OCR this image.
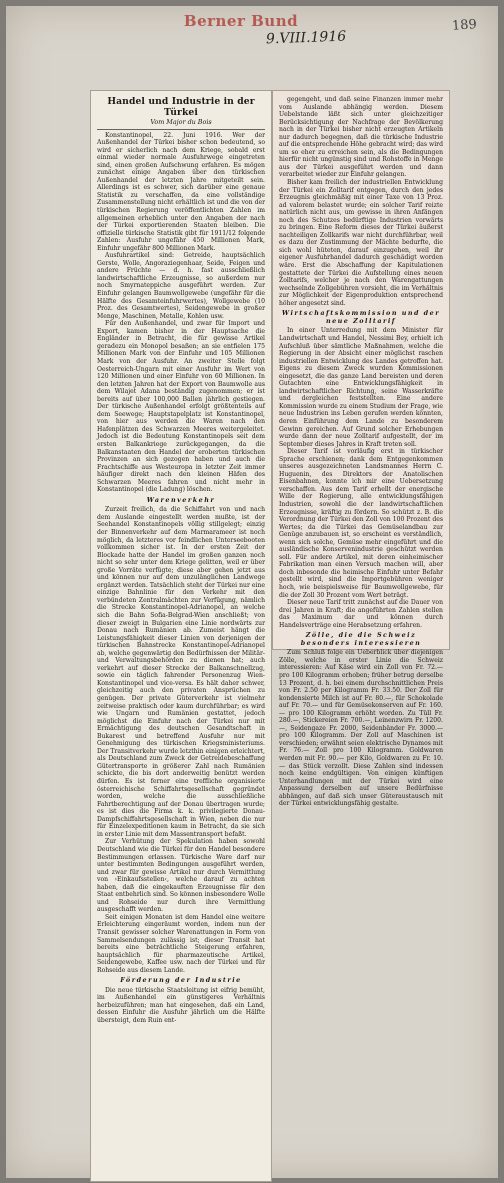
Berner Bund
9.VIII.1916
189
Handel und Industrie in der Türkei
Vom Major du Bois

Konstantinopel, 22. Juni 1916. Wer der Außenhandel der Türkei bisher schon bedeutend, so wird er sicherlich nach dem Kriege, sobald erst einmal wieder normale Ausfuhrwege eingetreten sind, einen großen Aufschwung erfahren. Es mögen zunächst einige Angaben über den türkischen Außenhandel der letzten Jahre mitgeteilt sein. Allerdings ist es schwer, sich darüber eine genaue Statistik zu verschaffen, da eine vollständige Zusammenstellung nicht erhältlich ist und die von der türkischen Regierung veröffentlichten Zahlen im allgemeinen erheblich unter den Angaben der nach der Türkei exportierenden Staaten bleiben. Die offizielle türkische Statistik gibt für 1911/12 folgende Zahlen: Ausfuhr ungefähr 450 Millionen Mark, Einfuhr ungefähr 800 Millionen Mark.

Ausfuhrartikel sind: Getreide, hauptsächlich Gerste, Wolle, Angoraziegenhaar, Seide, Feigen und andere Früchte — d. h. fast ausschließlich landwirtschaftliche Erzeugnisse, so außerdem nur noch Smyrnateppiche ausgeführt werden. Zur Einfuhr gelangen Baumwollgewebe (ungefähr für die Hälfte des Gesamteinfuhrwertes), Wollgewebe (10 Proz. des Gesamtwertes), Seidengewebe in großer Menge, Maschinen, Metalle, Kohlen usw.

Für den Außenhandel, und zwar für Import und Export, kamen bisher in der Hauptsache die Engländer in Betracht, die für gewisse Artikel geradezu ein Monopol besaßen; an sie entfielen 175 Millionen Mark von der Einfuhr und 105 Millionen Mark von der Ausfuhr. An zweiter Stelle folgt Oesterreich-Ungarn mit einer Ausfuhr im Wert von 120 Millionen und einer Einfuhr von 60 Millionen. In den letzten Jahren hat der Export von Baumwolle aus dem Wilajet Adana beständig zugenommen; er ist bereits auf über 100,000 Ballen jährlich gestiegen. Der türkische Außenhandel erfolgt größtenteils auf dem Seewege; Hauptstapelplatz ist Konstantinopel, von hier aus werden die Waren nach den Hafenplätzen des Schwarzen Meeres weitergeleitet. Jedoch ist die Bedeutung Konstantinopels seit dem ersten Balkankriege zurückgegangen, da die Balkanstaaten den Handel der eroberten türkischen Provinzen an sich gezogen haben und auch die Frachtschiffe aus Westeuropa in letzter Zeit immer häufiger direkt nach den kleinen Häfen des Schwarzen Meeres fahren und nicht mehr in Konstantinopel (die Ladung) löschen.

Warenverkehr

Zurzeit freilich, da die Schiffahrt von und nach dem Auslande eingestellt werden mußte, ist der Seehandel Konstantinopels völlig stillgelegt; einzig der Binnenverkehr auf dem Marmarameer ist noch möglich, da letzteres vor feindlichen Unterseebooten vollkommen sicher ist. In der ersten Zeit der Blockade hatte der Handel im großen ganzen noch nicht so sehr unter dem Kriege gelitten, weil er über große Vorräte verfügte; diese aber gehen jetzt aus und können nur auf dem unzulänglichen Landwege ergänzt werden. Tatsächlich steht der Türkei nur eine einzige Bahnlinie für den Verkehr mit den verbündeten Zentralmächten zur Verfügung, nämlich die Strecke Konstantinopel-Adrianopel, an welche sich die Bahn Sofia-Belgrad-Wien anschließt; von dieser zweigt in Bulgarien eine Linie nordwärts zur Donau nach Rumänien ab. Zumeist hängt die Leistungsfähigkeit dieser Linien von derjenigen der türkischen Bahnstrecke Konstantinopel-Adrianopel ab, welche gegenwärtig den Bedürfnissen der Militär- und Verwaltungsbehörden zu dienen hat; auch verkehrt auf dieser Strecke der Balkanschnellzug, sowie ein täglich fahrender Personenzug Wien-Konstantinopel und vice-versa. Es hält daher schwer, gleichzeitig auch den privaten Ansprüchen zu genügen. Der private Güterverkehr ist vielmehr zeitweise praktisch oder kaum durchführbar; es wird wie Ungarn und Rumänien gestattet, jedoch möglichst die Einfuhr nach der Türkei nur mit Ermächtigung des deutschen Gesandtschaft in Bukarest und betreffend Ausfuhr nur mit Genehmigung des türkischen Kriegsministeriums. Der Transitverkehr wurde letzthin einigen erleichtert, als Deutschland zum Zweck der Getreidebeschaffung Gütertransporte in größerer Zahl nach Rumänien schickte, die bis dort anderweitig benützt werden dürfen. Es ist ferner eine treffliche organisierte österreichische Schiffahrtsgesellschaft gegründet worden, welche die ausschließliche Fahrtberechtigung auf der Donau übertragen wurde; es ist dies die Firma k. k. privilegierte Donau-Dampfschiffahrtsgesellschaft in Wien, neben die nur für Einzelexpeditionen kaum in Betracht, da sie sich in erster Linie mit dem Massentransport befaßt.

Zur Verhütung der Spekulation haben sowohl Deutschland wie die Türkei für den Handel besondere Bestimmungen erlassen. Türkische Ware darf nur unter bestimmten Bedingungen ausgeführt werden, und zwar für gewisse Artikel nur durch Vermittlung von ›Einkaufsstellen‹, welche darauf zu achten haben, daß die eingekauften Erzeugnisse für den Staat entbehrlich sind. So können insbesondere Wolle und Rohseide nur durch ihre Vermittlung ausgeschafft werden.

Seit einigen Monaten ist dem Handel eine weitere Erleichterung eingeräumt worden, indem nun der Transit gewisser solcher Warenattungen in Form von Sammelsendungen zulässig ist; dieser Transit hat bereits eine beträchtliche Steigerung erfahren, hauptsächlich für pharmazeutische Artikel, Seidengewebe, Kaffee usw. nach der Türkei und für Rohseide aus diesem Lande.

Förderung der Industrie

Die neue türkische Staatsleitung ist eifrig bemüht, im Außenhandel ein günstigeres Verhältnis herbeizuführen; man hat eingesehen, daß ein Land, dessen Einfuhr die Ausfuhr jährlich um die Hälfte übersteigt, dem Ruin ent-

gegengeht, und daß seine Finanzen immer mehr vom Auslande abhängig werden. Diesem Uebelstande läßt sich unter gleichzeitiger Berücksichtigung der Nachfrage der Bevölkerung nach in der Türkei bisher nicht erzeugten Artikeln nur dadurch begegnen, daß die türkische Industrie auf die entsprechende Höhe gebracht wird; das wird um so eher zu erreichen sein, als die Bedingungen hierfür nicht ungünstig sind und Rohstoffe in Menge aus der Türkei ausgeführt werden und dann verarbeitet wieder zur Einfuhr gelangen.

Bisher kam freilich der industriellen Entwicklung der Türkei ein Zolltarif entgegen, durch den jedes Erzeugnis gleichmäßig mit einer Taxe von 13 Proz. ad valorem belastet wurde; ein solcher Tarif reizte natürlich nicht aus, um gewisse in ihren Anfängen noch des Schutzes bedürftige Industrien vorwärts zu bringen. Eine Reform dieses der Türkei äußerst nachteiligen Zollkarifs war nicht durchführbar, weil es dazu der Zustimmung der Mächte bedurfte, die sich wohl hüteten, darauf einzugehen, weil ihr eigener Ausfuhrhandel dadurch geschädigt worden wäre. Erst die Abschaffung der Kapitulationen gestattete der Türkei die Aufstellung eines neuen Zolltarifs, welcher je nach den Warengattungen wechselnde Zollgebühren vorsieht, die im Verhältnis zur Möglichkeit der Eigenproduktion entsprechend höher angesetzt sind.

Wirtschaftskommission und der neue Zolltarif

In einer Unterredung mit dem Minister für Landwirtschaft und Handel, Nessimi Bey, erhielt ich Aufschluß über sämtliche Maßnahmen, welche die Regierung in der Absicht einer möglichst raschen industriellen Entwicklung des Landes getroffen hat. Eigens zu diesem Zweck wurden Kommissionen eingesetzt, die das ganze Land bereisten und deren Gutachten eine Entwicklungsfähigkeit in landwirtschaftlicher Richtung, seine Wasserkräfte und dergleichen feststellten. Eine andere Kommission wurde zu einem Studium der Frage, wie neue Industrien ins Leben gerufen werden könnten, deren Einführung dem Lande zu besonderem Gewinn gereichen. Auf Grund solcher Erhebungen wurde dann der neue Zolltarif aufgestellt, der im September dieses Jahres in Kraft treten soll.

Dieser Tarif ist vorläufig erst in türkischer Sprache erschienen; dank dem Entgegenkommen unseres ausgezeichneten Landsmannes Herrn C. Huguenin, des Direktors der Anatolischen Eisenbahnen, konnte ich mir eine Uebersetzung verschaffen. Aus dem Tarif erhellt der energische Wille der Regierung, alle entwicklungsfähigen Industrien, sowohl die der landwirtschaftlichen Erzeugnisse, kräftig zu fördern. So schützt z. B. die Verordnung der Türkei den Zoll von 100 Prozent des Wertes; da die Türkei das Gemüselandbau zur Genüge anzubauen ist, so erscheint es verständlich, wenn sich solche, Gemüse mehr eingeführt und die ausländische Konservenindustrie geschützt werden soll. Für andere Artikel, mit deren einheimischer Fabrikation man einen Versuch machen will, aber doch inbesonde die heimische Einfuhr unter Befahr gestellt wird, sind die Importgebühren weniger hoch, wie beispielsweise für Baumwollgewebe, für die der Zoll 30 Prozent vom Wert beträgt.

Dieser neue Tarif tritt zunächst auf die Dauer von drei Jahren in Kraft; die angeführten Zahlen stellen das Maximum dar und können durch Handelsverträge eine Herabsetzung erfahren.

Zölle, die die Schweiz besonders interessieren

Zum Schluß folge ein Ueberblick über diejenigen Zölle, welche in erster Linie die Schweiz interessieren: Auf Käse wird ein Zoll von Fr. 72.— pro 100 Kilogramm erhoben; früher betrug derselbe 13 Prozent, d. h. bei einem durchschnittlichen Preis von Fr. 2.50 per Kilogramm Fr. 33.50. Der Zoll für kondensierte Milch ist auf Fr. 80.—, für Schokolade auf Fr. 70.— und für Gemüsekonserven auf Fr. 160.— pro 100 Kilogramm erhöht worden. Zu Tüll Fr. 280.—, Stickereien Fr. 700.—, Leinenzwirn Fr. 1200.—, Seidengaze Fr. 2000, Seidenbänder Fr. 3000.— pro 100 Kilogramm. Der Zoll auf Maschinen ist verschieden; erwähnt seien elektrische Dynamos mit Fr. 76.— Zoll pro 100 Kilogramm. Goldwaren werden mit Fr. 90.— per Kilo, Goldwaren zu Fr. 10.— das Stück verzollt. Diese Zahlen sind indessen noch keine endgültigen. Von einigen künftigen Unterhandlungen mit der Türkei wird eine Anpassung derselben auf unsere Bedürfnisse abhängen, auf daß sich unser Güteraustausch mit der Türkei entwicklungsfähig gestalte.
